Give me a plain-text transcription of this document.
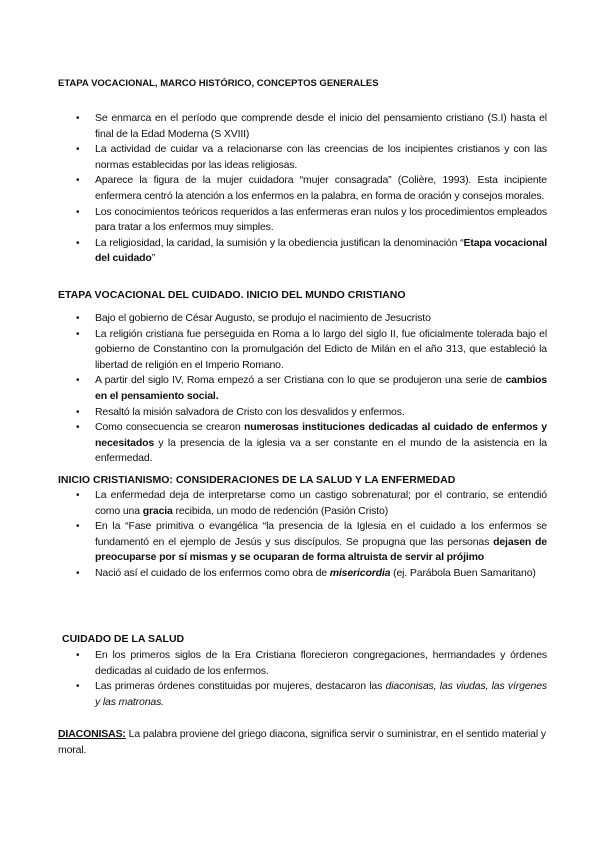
ETAPA VOCACIONAL, MARCO HISTÓRICO, CONCEPTOS GENERALES
• Se enmarca en el período que comprende desde el inicio del pensamiento cristiano (S.I) hasta el final de la Edad Moderna (S XVIII)
• La actividad de cuidar va a relacionarse con las creencias de los incipientes cristianos y con las normas establecidas por las ideas religiosas.
• Aparece la figura de la mujer cuidadora “mujer consagrada” (Colière, 1993). Esta incipiente enfermera centró la atención a los enfermos en la palabra, en forma de oración y consejos morales.
• Los conocimientos teóricos requeridos a las enfermeras eran nulos y los procedimientos empleados para tratar a los enfermos muy simples.
• La religiosidad, la caridad, la sumisión y la obediencia justifican la denominación “Etapa vocacional del cuidado”
ETAPA VOCACIONAL DEL CUIDADO. INICIO DEL MUNDO CRISTIANO
• Bajo el gobierno de César Augusto, se produjo el nacimiento de Jesucristo
• La religión cristiana fue perseguida en Roma a lo largo del siglo II, fue oficialmente tolerada bajo el gobierno de Constantino con la promulgación del Edicto de Milán en el año 313, que estableció la libertad de religión en el Imperio Romano.
• A partir del siglo IV, Roma empezó a ser Cristiana con lo que se produjeron una serie de cambios en el pensamiento social.
• Resaltó la misión salvadora de Cristo con los desvalidos y enfermos.
• Como consecuencia se crearon numerosas instituciones dedicadas al cuidado de enfermos y necesitados y la presencia de la iglesia va a ser constante en el mundo de la asistencia en la enfermedad.
INICIO CRISTIANISMO: CONSIDERACIONES DE LA SALUD Y LA ENFERMEDAD
• La enfermedad deja de interpretarse como un castigo sobrenatural; por el contrario, se entendió como una gracia recibida, un modo de redención (Pasión Cristo)
• En la “Fase primitiva o evangélica “la presencia de la Iglesia en el cuidado a los enfermos se fundamentó en el ejemplo de Jesús y sus discípulos. Se propugna que las personas dejasen de preocuparse por sí mismas y se ocuparan de forma altruista de servir al prójimo
• Nació así el cuidado de los enfermos como obra de misericordia (ej. Parábola Buen Samaritano)
CUIDADO DE LA SALUD
• En los primeros siglos de la Era Cristiana florecieron congregaciones, hermandades y órdenes dedicadas al cuidado de los enfermos.
• Las primeras órdenes constituidas por mujeres, destacaron las diaconisas, las viudas, las vírgenes y las matronas.
DIACONISAS: La palabra proviene del griego diacona, significa servir o suministrar, en el sentido material y moral.
